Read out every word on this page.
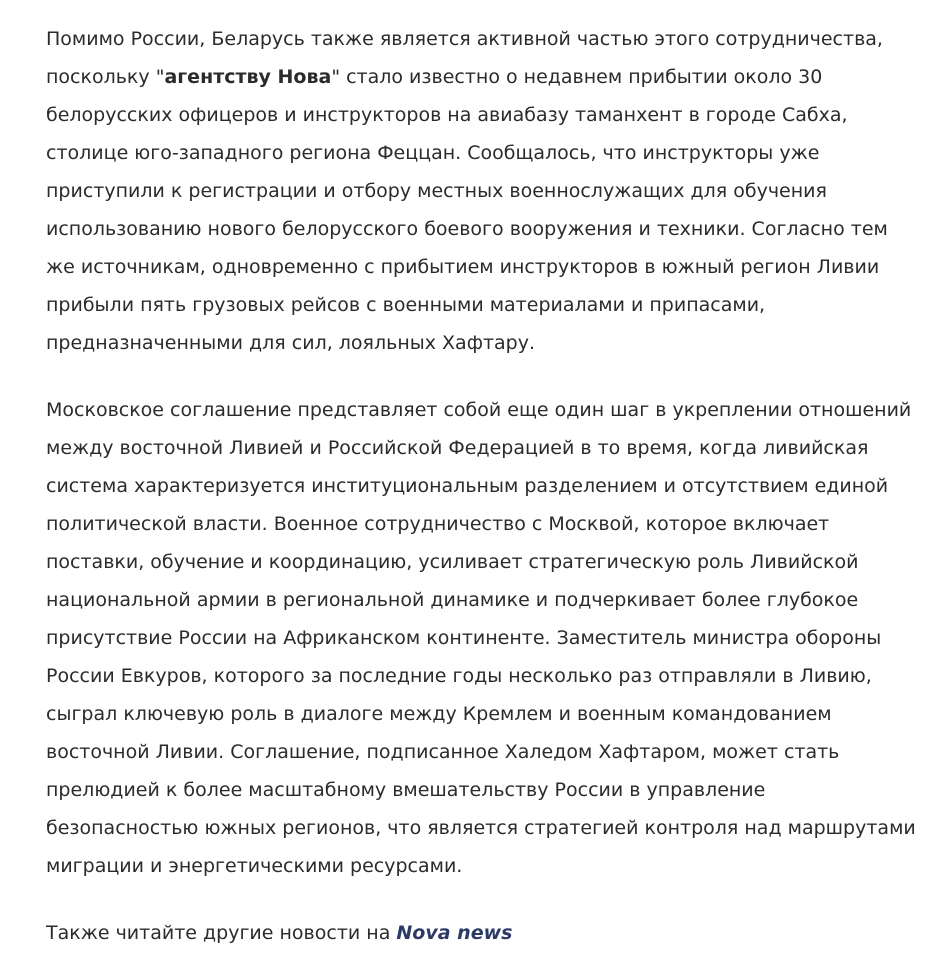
Помимо России, Беларусь также является активной частью этого сотрудничества, поскольку "агентству Нова" стало известно о недавнем прибытии около 30 белорусских офицеров и инструкторов на авиабазу таманхент в городе Сабха, столице юго-западного региона Феццан. Сообщалось, что инструкторы уже приступили к регистрации и отбору местных военнослужащих для обучения использованию нового белорусского боевого вооружения и техники. Согласно тем же источникам, одновременно с прибытием инструкторов в южный регион Ливии прибыли пять грузовых рейсов с военными материалами и припасами, предназначенными для сил, лояльных Хафтару.

Московское соглашение представляет собой еще один шаг в укреплении отношений между восточной Ливией и Российской Федерацией в то время, когда ливийская система характеризуется институциональным разделением и отсутствием единой политической власти. Военное сотрудничество с Москвой, которое включает поставки, обучение и координацию, усиливает стратегическую роль Ливийской национальной армии в региональной динамике и подчеркивает более глубокое присутствие России на Африканском континенте. Заместитель министра обороны России Евкуров, которого за последние годы несколько раз отправляли в Ливию, сыграл ключевую роль в диалоге между Кремлем и военным командованием восточной Ливии. Соглашение, подписанное Халедом Хафтаром, может стать прелюдией к более масштабному вмешательству России в управление безопасностью южных регионов, что является стратегией контроля над маршрутами миграции и энергетическими ресурсами.

Также читайте другие новости на Nova news
